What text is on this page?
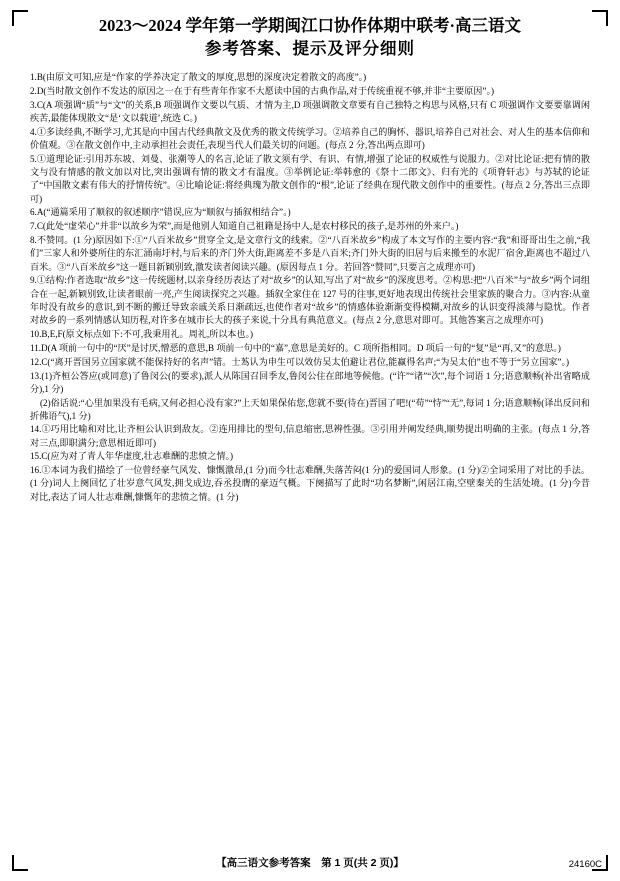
2023～2024 学年第一学期闽江口协作体期中联考·高三语文
参考答案、提示及评分细则

1.B(由原文可知,应是“作家的学养决定了散文的厚度,思想的深度决定着散文的高度”。)

2.D(当时散文创作不发达的原因之一在于有些青年作家不大愿读中国的古典作品,对于传统重视不够,并非“主要原因”。)

3.C(A 项强调“质”与“文”的关系,B 项强调作文要以气质、才情为主,D 项强调散文章要有自己独特之构思与风格,只有 C 项强调作文要要靠调闲疾苦,最能体现散文“是‘文以载道’,统选 C。)

4.①多读经典,不断学习,尤其是向中国古代经典散文及优秀的散文传统学习。②培养自己的胸怀、器识,培养自己对社会、对人生的基本信仰和价值观。③在散文创作中,主动承担社会责任,表现当代人们最关切的问题。(每点 2 分,答出两点即可)

5.①道理论证:引用苏东坡、刘曼、张潮等人的名言,论证了散文须有学、有识、有情,增强了论证的权威性与说服力。②对比论证:把有情的散文与没有情感的散文加以对比,突出强调有情的散文才有温度。③举例论证:举韩愈的《祭十二郎文》、归有光的《项脊轩志》与苏轼的论证了“中国散文素有伟大的抒情传统”。④比喻论证:将经典瑰为散文创作的“根”,论证了经典在现代散文创作中的重要性。(每点 2 分,答出三点即可)

6.A(“通篇采用了顺叙的叙述顺序”错误,应为“顺叙与插叙相结合”。)

7.C(此处“虚荣心”并非“以故乡为荣”,而是他别人知道自己祖籍是扬中人,是农村移民的孩子,是苏州的外来户。)

8.不赞同。(1 分)原因如下:①“八百米故乡”贯穿全文,是文章行文的线索。②“八百米故乡”构成了本文写作的主要内容:“我”和哥哥出生之前,“我们”三家人和外婆所住的东汇涌南圩村,与后来的齐门外大街,距离差不多是八百米;齐门外大街的旧居与后来搬至的水泥厂宿舍,距离也不超过八百米。③“八百米故乡”这一题目新颖别致,激发读者阅读兴趣。(原因每点 1 分。若回答“赞同”,只要言之成理亦可)

9.①结构:作者选取“故乡”这一传统题材,以亲身经历表达了对“故乡”的认知,写出了对“故乡”的深度思考。②构思:把“八百米”与“故乡”两个词组合在一起,新颖别致,让读者眼前一亮,产生阅读探究之兴趣。插叙全家住在 127 号的往事,更好地表现出传统社会里家族的聚合力。③内容:从童年时没有故乡的意识,到不断的搬迁导致亲戚关系日渐疏远,也使作者对“故乡”的情感体验渐渐变得模糊,对故乡的认识变得淡薄与隐忧。作者对故乡的一系列情感认知历程,对许多在城市长大的孩子来说,十分具有典范意义。(每点 2 分,意思对即可。其他答案言之成理亦可)

10.B,E,F(原文标点如下:不可,我秉用礼。周礼,所以本也。)

11.D(A 项前一句中的“厌”是讨厌,憎恶的意思,B 项前一句中的“嘉”,意思是美好的。C 项所指相同。D 项后一句的“复”是“再,又”的意思。)

12.C(“离开晋国另立国家就不能保持好的名声”错。士蒍认为申生可以效仿吴太伯避让君位,能赢得名声;“为吴太伯”也不等于“另立国家”。)

13.(1)齐桓公答应(或同意)了鲁闵公(的要求),派人从陈国召回季友,鲁闵公住在郎地等候他。(“许”“诸”“次”,每个词语 1 分;语意顺畅(补出省略成分),1 分)

(2)俗话说:“心里加果没有毛病,又何必担心没有家?”上天如果保佑您,您就不要(待在)晋国了吧!(“苟”“恃”“无”,每词 1 分;语意顺畅(译出反问和折佛语气),1 分)

14.①巧用比喻和对比,让齐桓公认识到敌友。②连用排比的型句,信息缩密,思辨性强。③引用并阐发经典,顺势提出明确的主张。(每点 1 分,答对三点,即职满分;意思相近即可)

15.C(应为对了青人年华虚度,壮志难酬的悲愤之情。)

16.①本词为我们描绘了一位曾经豪气风发、慷慨激昂,(1 分)而今壮志难酬,失落苦闷(1 分)的爱国词人形象。(1 分)②全词采用了对比的手法。(1 分)词人上阕回忆了壮岁意气风发,拥戈成边,吞丞投膺的豪迈气概。下阕描写了此时“功名梦断”,闲居江南,空壁秦关的生活处境。(1 分)今昔对比,表达了词人壮志难酬,慷慨年的悲愤之情。(1 分)

【高三语文参考答案　第 1 页(共 2 页)】	24160C
